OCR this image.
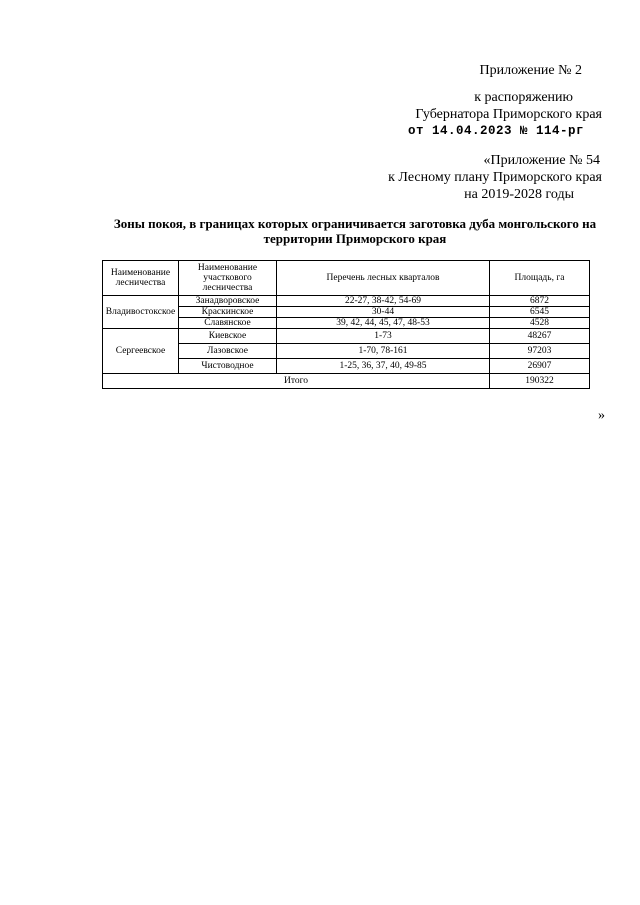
Приложение № 2
к распоряжению
Губернатора Приморского края
от 14.04.2023 № 114-рг
«Приложение № 54
к Лесному плану Приморского края
на 2019-2028 годы
Зоны покоя, в границах которых ограничивается заготовка дуба монгольского на территории Приморского края
Наименование лесничества	Наименование участкового лесничества	Перечень лесных кварталов	Площадь, га
Владивостокское	Занадворовское	22-27, 38-42, 54-69	6872
	Краскинское	30-44	6545
	Славянское	39, 42, 44, 45, 47, 48-53	4528
Сергеевское	Киевское	1-73	48267
	Лазовское	1-70, 78-161	97203
	Чистоводное	1-25, 36, 37, 40, 49-85	26907
Итого			190322
»
